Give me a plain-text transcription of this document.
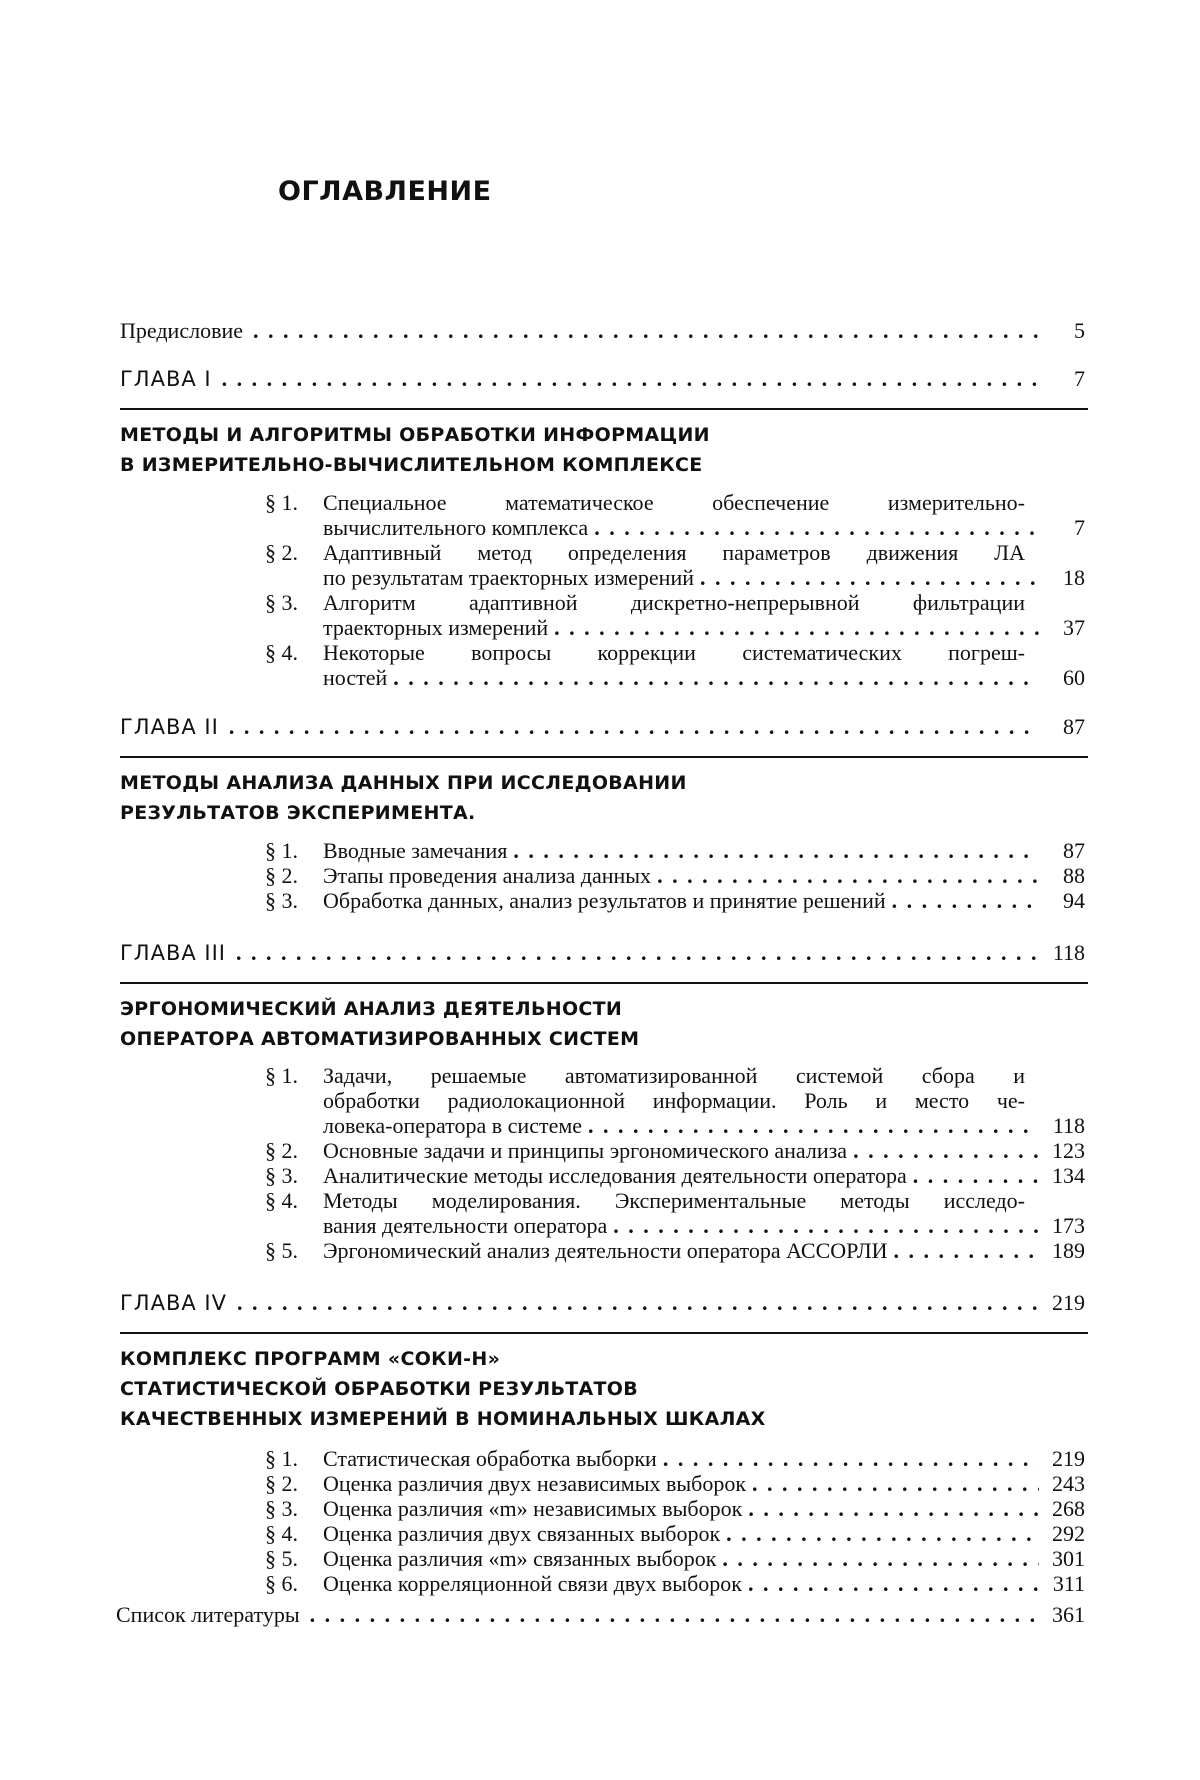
ОГЛАВЛЕНИЕ
Предисловие . . .	5
ГЛАВА I . . .	7
МЕТОДЫ И АЛГОРИТМЫ ОБРАБОТКИ ИНФОРМАЦИИ
В ИЗМЕРИТЕЛЬНО-ВЫЧИСЛИТЕЛЬНОМ КОМПЛЕКСЕ
§ 1. Специальное математическое обеспечение измерительно-
вычислительного комплекса . . .	7
§ 2. Адаптивный метод определения параметров движения ЛА
по результатам траекторных измерений . . .	18
§ 3. Алгоритм адаптивной дискретно-непрерывной фильтрации
траекторных измерений . . .	37
§ 4. Некоторые вопросы коррекции систематических погреш-
ностей . . .	60
ГЛАВА II . . .	87
МЕТОДЫ АНАЛИЗА ДАННЫХ ПРИ ИССЛЕДОВАНИИ
РЕЗУЛЬТАТОВ ЭКСПЕРИМЕНТА.
§ 1. Вводные замечания . . .	87
§ 2. Этапы проведения анализа данных . . .	88
§ 3. Обработка данных, анализ результатов и принятие решений . . .	94
ГЛАВА III . . .	118
ЭРГОНОМИЧЕСКИЙ АНАЛИЗ ДЕЯТЕЛЬНОСТИ
ОПЕРАТОРА АВТОМАТИЗИРОВАННЫХ СИСТЕМ
§ 1. Задачи, решаемые автоматизированной системой сбора и
обработки радиолокационной информации. Роль и место че-
ловека-оператора в системе . . .	118
§ 2. Основные задачи и принципы эргономического анализа . . .	123
§ 3. Аналитические методы исследования деятельности оператора . . .	134
§ 4. Методы моделирования. Экспериментальные методы исследо-
вания деятельности оператора . . .	173
§ 5. Эргономический анализ деятельности оператора АССОРЛИ . . .	189
ГЛАВА IV . . .	219
КОМПЛЕКС ПРОГРАММ «СОКИ-Н»
СТАТИСТИЧЕСКОЙ ОБРАБОТКИ РЕЗУЛЬТАТОВ
КАЧЕСТВЕННЫХ ИЗМЕРЕНИЙ В НОМИНАЛЬНЫХ ШКАЛАХ
§ 1. Статистическая обработка выборки . . .	219
§ 2. Оценка различия двух независимых выборок . . .	243
§ 3. Оценка различия «m» независимых выборок . . .	268
§ 4. Оценка различия двух связанных выборок . . .	292
§ 5. Оценка различия «m» связанных выборок . . .	301
§ 6. Оценка корреляционной связи двух выборок . . .	311
Список литературы . . .	361
